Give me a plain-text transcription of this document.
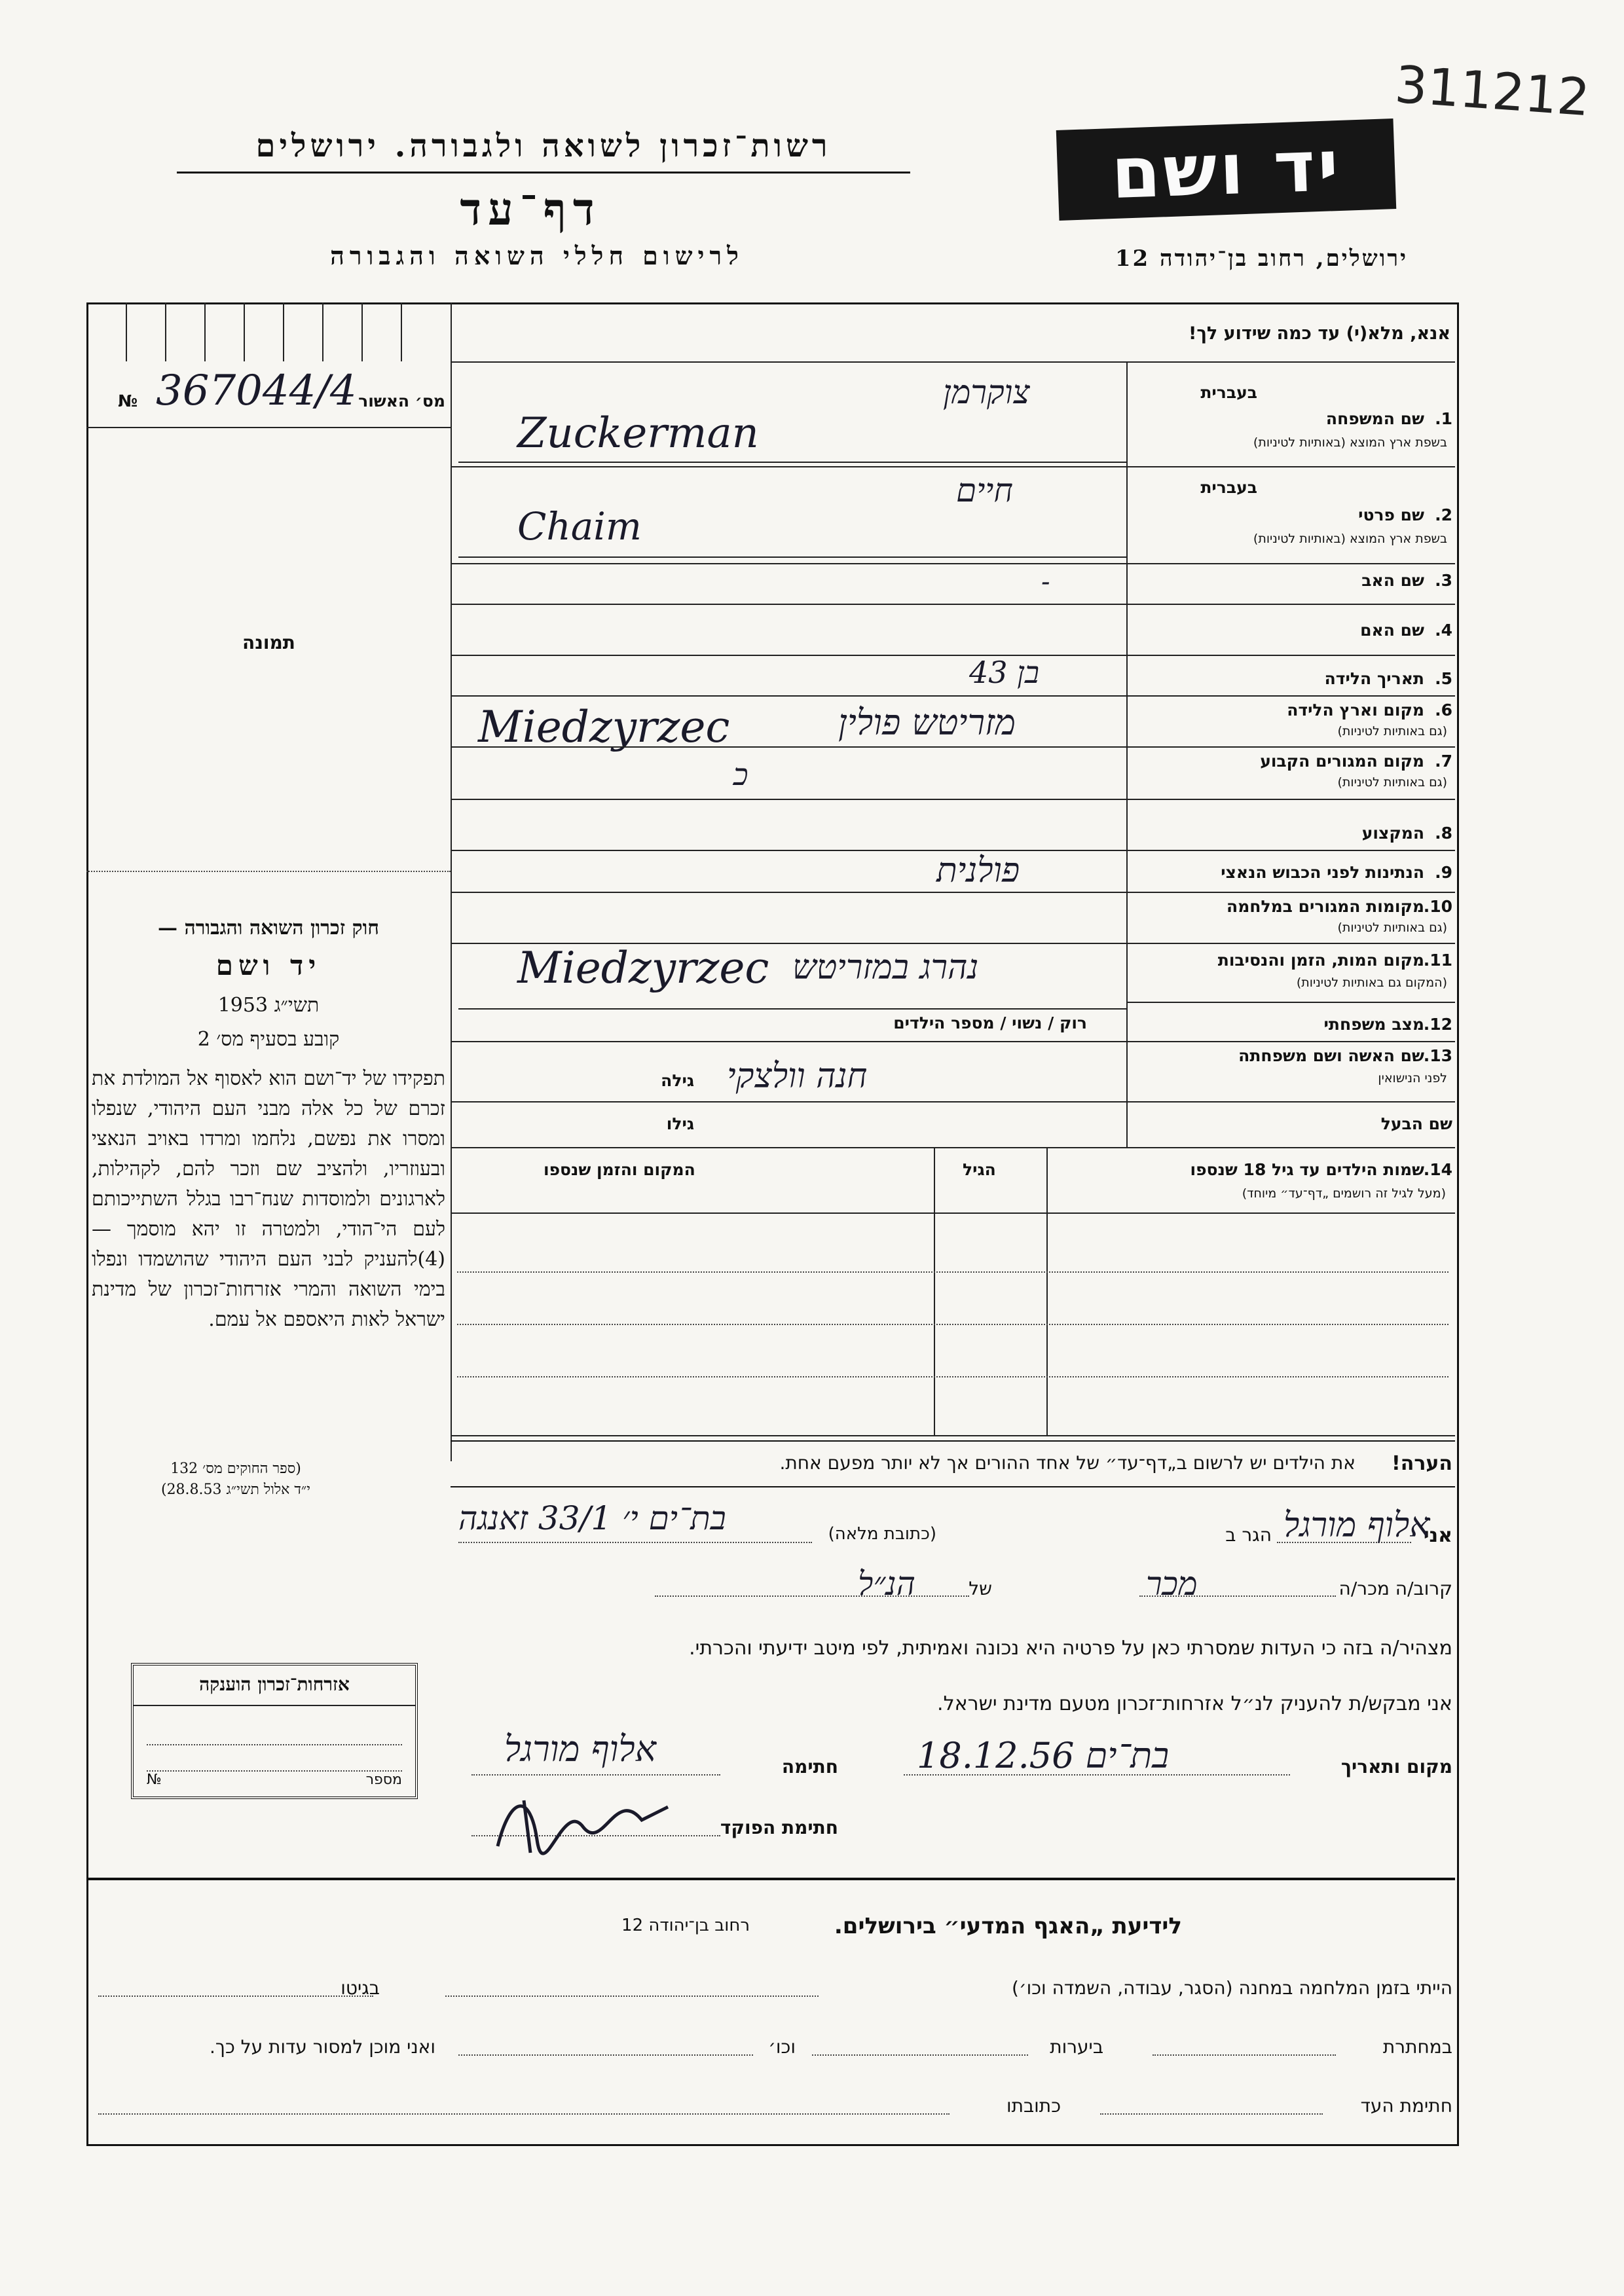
311212
רשות־זכרון לשואה ולגבורה. ירושלים
דף־עד
לרישום חללי השואה והגבורה
יד ושם
ירושלים, רחוב בן־יהודה 12
מס׳ האשור
№ 367044/4
תמונה
חוק זכרון השואה והגבורה —
יד ושם
תשי״ג 1953
קובע בסעיף מס׳ 2
תפקידו של יד־ושם הוא לאסוף אל המולדת את זכרם של כל אלה מבני העם היהודי, שנפלו ומסרו את נפשם, נלחמו ומרדו באויב הנאצי ובעוזריו, ולהציב שם וזכר להם, לקהילות, לארגונים ולמוסדות שנח־רבו בגלל השתייכותם לעם הי־הודי, ולמטרה זו יהא מוסמך — (4)להעניק לבני העם היהודי שהושמדו ונפלו בימי השואה והמרי אזרחות־זכרון של מדינת ישראל לאות היאספם אל עמם.
(ספר החוקים מס׳ 132
י״ד אלול תשי״ג 28.8.53)
אזרחות־זכרון הוענקה
מספר
№
אנא, מלא(י) עד כמה שידוע לך!
בעברית
1.
שם המשפחה
בשפת ארץ המוצא (באותיות לטיניות)
צוקרמן
Zuckerman
בעברית
2.
שם פרטי
בשפת ארץ המוצא (באותיות לטיניות)
חיים
Chaim
3.
שם האב
-
4.
שם האם
5.
תאריך הלידה
בן 43
6.
מקום וארץ הלידה
(גם באותיות לטיניות)
מזריטש פולין
Miedzyrzec
7.
מקום המגורים הקבוע
(גם באותיות לטיניות)
כ
8.
המקצוע
9.
הנתינות לפני הכבוש הנאצי
פולנית
10.
מקומות המגורים במלחמה
(גם באותיות לטיניות)
11.
מקום המות, הזמן והנסיבות
(המקום גם באותיות לטיניות)
נהרג במזריטש
Miedzyrzec
רוק / נשוי / מספר הילדים	12.
מצב משפחתי
13.
שם האשה ושם משפחתה
לפני הנישואין
גילה חנה וולצקי
שם הבעל
גילו
14.
שמות הילדים עד גיל 18 שנספו
(מעל לגיל זה רושמים „דף־עד״ מיוחד)
הגיל
המקום והזמן שנספו
הערה!
את הילדים יש לרשום ב„דף־עד״ של אחד ההורים אך לא יותר מפעם אחת.
אני
אלוף מורגל
הגר ב
(כתובת מלאה)
בת־ים י׳ 33/1 זאנגה
קרוב/ה מכר/ה
מכר
של
הנ״ל
מצהיר/ה בזה כי העדות שמסרתי כאן על פרטיה היא נכונה ואמיתית, לפי מיטב ידיעתי והכרתי.
אני מבקש/ת להעניק לנ״ל אזרחות־זכרון מטעם מדינת ישראל.
מקום ותאריך
בת־ים 18.12.56
חתימה
אלוף מורגל
חתימת הפוקד
לידיעת „האגף המדעי״ בירושלים.
רחוב בן־יהודה 12
הייתי בזמן המלחמה במחנה (הסגר, עבודה, השמדה וכו׳)
בגיטו
במחתרת
ביערות
וכו׳
ואני מוכן למסור עדות על כך.
חתימת העד
כתובתו
